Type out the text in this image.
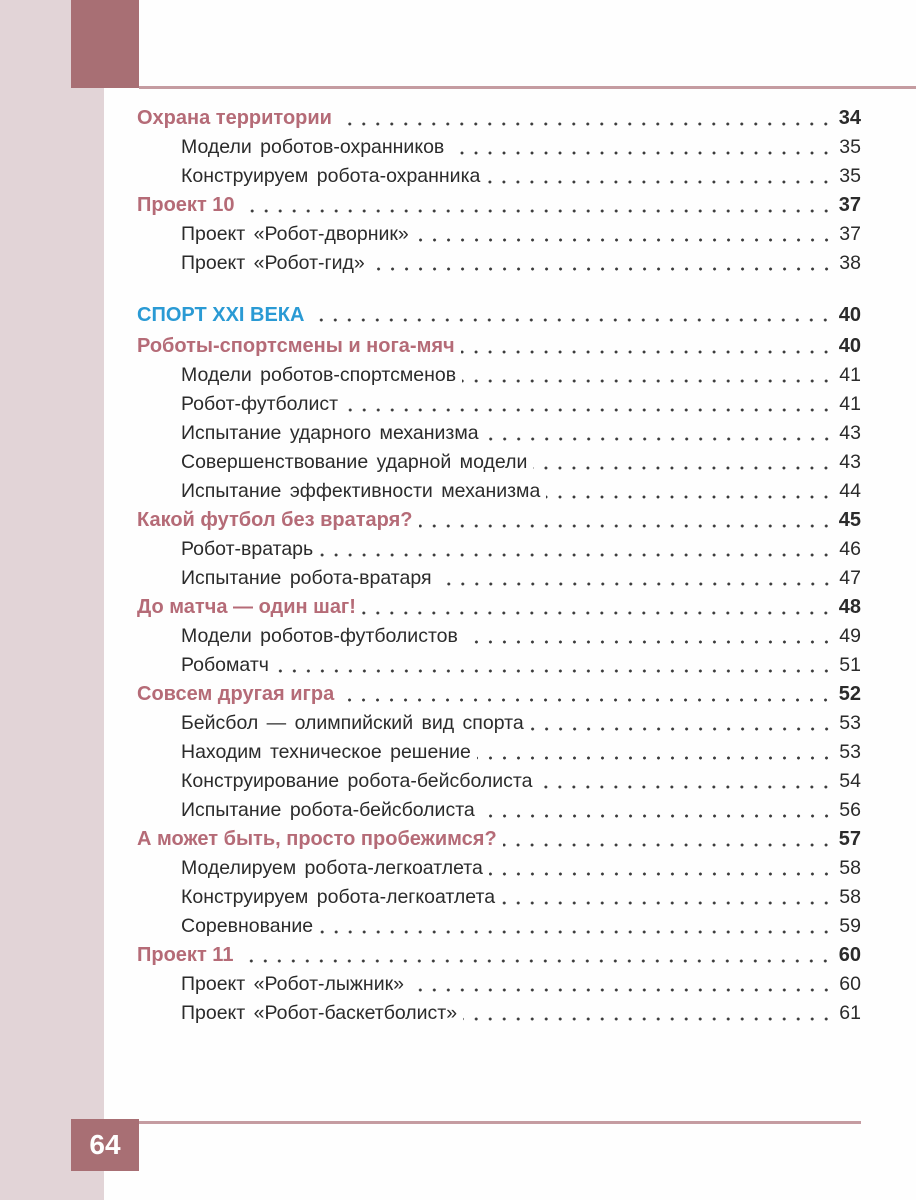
Охрана территории	34
Модели роботов-охранников	35
Конструируем робота-охранника	35
Проект 10	37
Проект «Робот-дворник»	37
Проект «Робот-гид»	38
СПОРТ XXI ВЕКА	40
Роботы-спортсмены и нога-мяч	40
Модели роботов-спортсменов	41
Робот-футболист	41
Испытание ударного механизма	43
Совершенствование ударной модели	43
Испытание эффективности механизма	44
Какой футбол без вратаря?	45
Робот-вратарь	46
Испытание робота-вратаря	47
До матча — один шаг!	48
Модели роботов-футболистов	49
Робоматч	51
Совсем другая игра	52
Бейсбол — олимпийский вид спорта	53
Находим техническое решение	53
Конструирование робота-бейсболиста	54
Испытание робота-бейсболиста	56
А может быть, просто пробежимся?	57
Моделируем робота-легкоатлета	58
Конструируем робота-легкоатлета	58
Соревнование	59
Проект 11	60
Проект «Робот-лыжник»	60
Проект «Робот-баскетболист»	61
64
